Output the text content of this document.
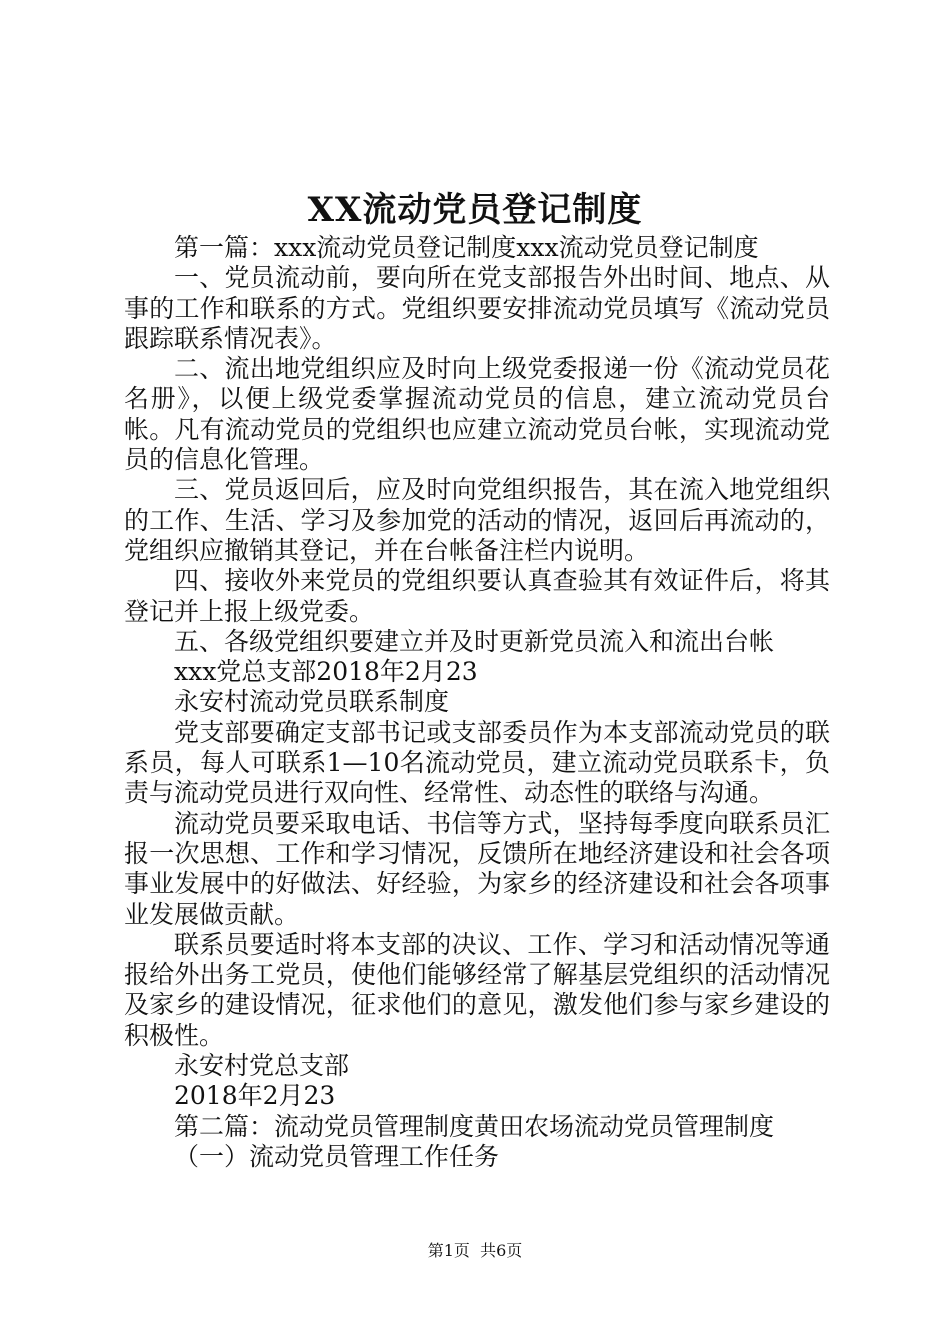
XX流动党员登记制度

第一篇：xxx流动党员登记制度xxx流动党员登记制度

一、党员流动前，要向所在党支部报告外出时间、地点、从事的工作和联系的方式。党组织要安排流动党员填写《流动党员跟踪联系情况表》。

二、流出地党组织应及时向上级党委报递一份《流动党员花名册》，以便上级党委掌握流动党员的信息，建立流动党员台帐。凡有流动党员的党组织也应建立流动党员台帐，实现流动党员的信息化管理。

三、党员返回后，应及时向党组织报告，其在流入地党组织的工作、生活、学习及参加党的活动的情况，返回后再流动的，党组织应撤销其登记，并在台帐备注栏内说明。

四、接收外来党员的党组织要认真查验其有效证件后，将其登记并上报上级党委。

五、各级党组织要建立并及时更新党员流入和流出台帐

xxx党总支部2018年2月23

永安村流动党员联系制度

党支部要确定支部书记或支部委员作为本支部流动党员的联系员，每人可联系1—10名流动党员，建立流动党员联系卡，负责与流动党员进行双向性、经常性、动态性的联络与沟通。

流动党员要采取电话、书信等方式，坚持每季度向联系员汇报一次思想、工作和学习情况，反馈所在地经济建设和社会各项事业发展中的好做法、好经验，为家乡的经济建设和社会各项事业发展做贡献。

联系员要适时将本支部的决议、工作、学习和活动情况等通报给外出务工党员，使他们能够经常了解基层党组织的活动情况及家乡的建设情况，征求他们的意见，激发他们参与家乡建设的积极性。

永安村党总支部

2018年2月23

第二篇：流动党员管理制度黄田农场流动党员管理制度

（一）流动党员管理工作任务

第1页 共6页
